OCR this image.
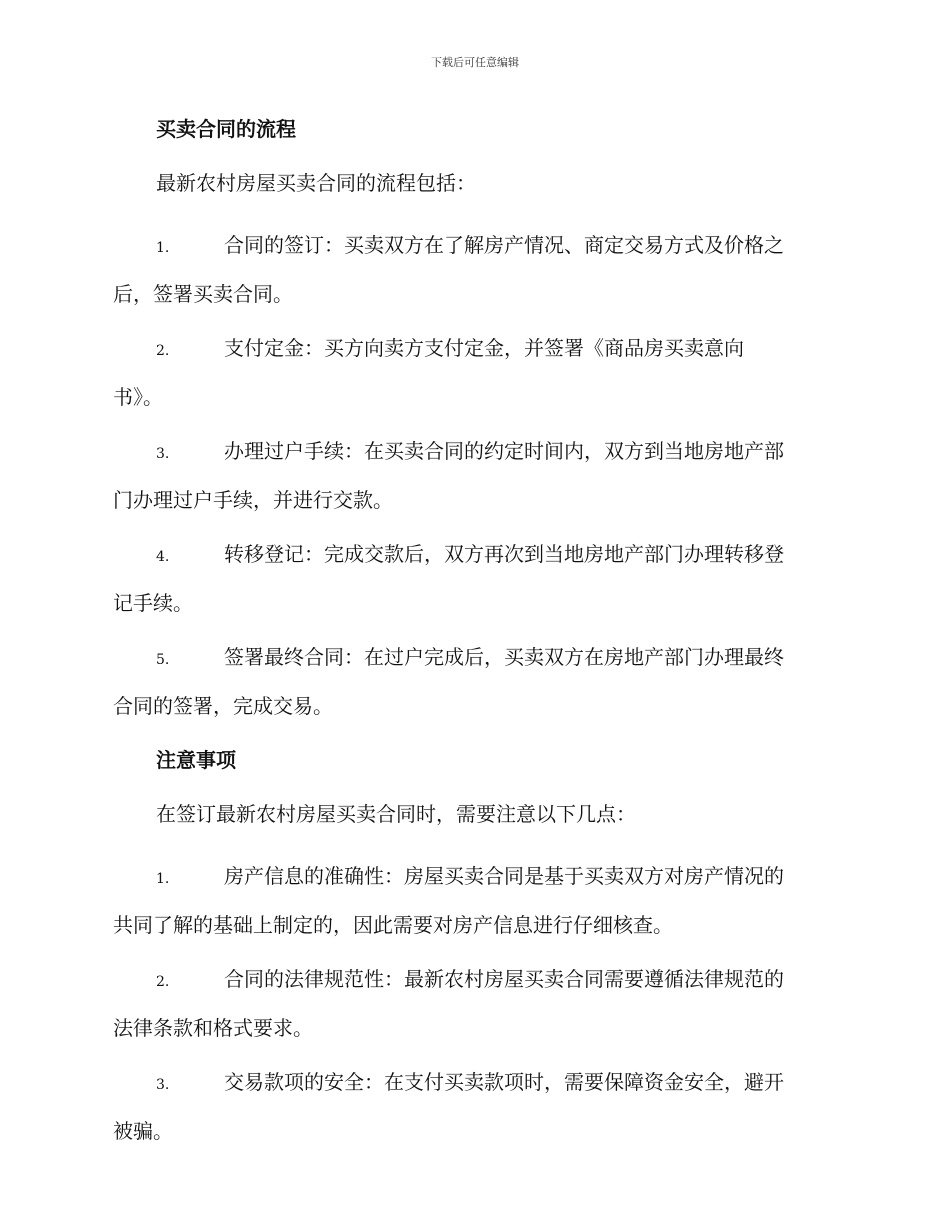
下载后可任意编辑
买卖合同的流程
最新农村房屋买卖合同的流程包括：
1.	合同的签订：买卖双方在了解房产情况、商定交易方式及价格之
后，签署买卖合同。
2.	支付定金：买方向卖方支付定金，并签署《商品房买卖意向
书》。
3.	办理过户手续：在买卖合同的约定时间内，双方到当地房地产部
门办理过户手续，并进行交款。
4.	转移登记：完成交款后，双方再次到当地房地产部门办理转移登
记手续。
5.	签署最终合同：在过户完成后，买卖双方在房地产部门办理最终
合同的签署，完成交易。
注意事项
在签订最新农村房屋买卖合同时，需要注意以下几点：
1.	房产信息的准确性：房屋买卖合同是基于买卖双方对房产情况的
共同了解的基础上制定的，因此需要对房产信息进行仔细核查。
2.	合同的法律规范性：最新农村房屋买卖合同需要遵循法律规范的
法律条款和格式要求。
3.	交易款项的安全：在支付买卖款项时，需要保障资金安全，避开
被骗。
